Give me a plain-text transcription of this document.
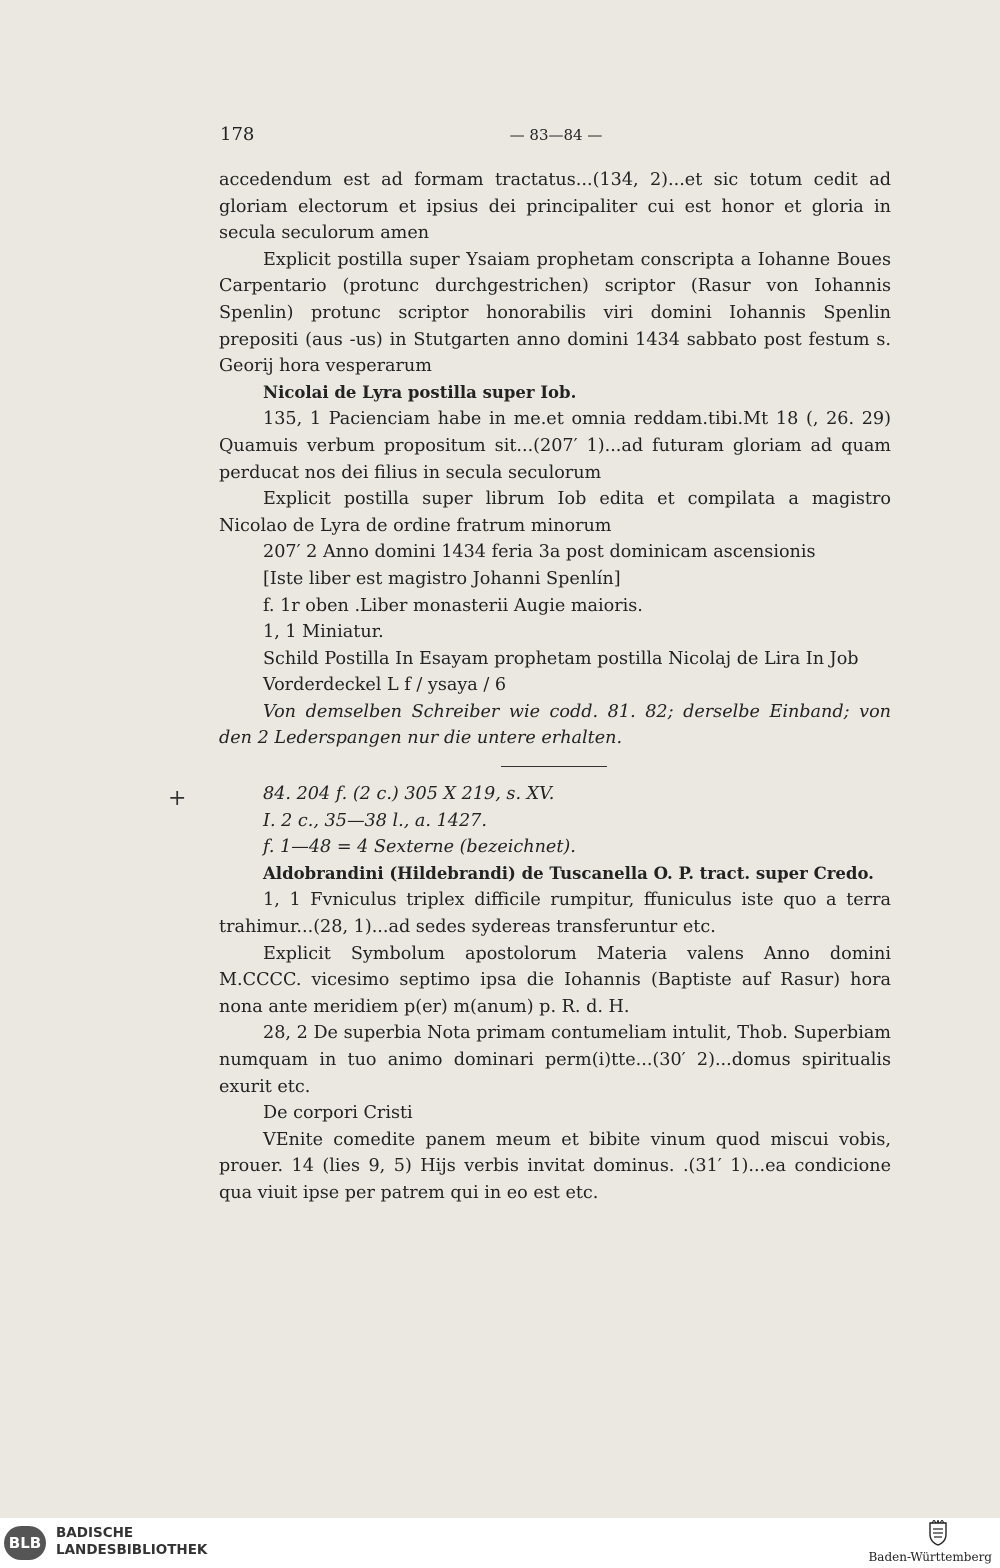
178	— 83—84 —

accedendum est ad formam tractatus...(134, 2)...et sic totum cedit ad gloriam electorum et ipsius dei principaliter cui est honor et gloria in secula seculorum amen

Explicit postilla super Ysaiam prophetam conscripta a Iohanne Boues Carpentario (protunc durchgestrichen) scriptor (Rasur von Iohannis Spenlin) protunc scriptor honorabilis viri domini Iohannis Spenlin prepositi (aus -us) in Stutgarten anno domini 1434 sabbato post festum s. Georij hora vesperarum

Nicolai de Lyra postilla super Iob.

135, 1 Pacienciam habe in me.et omnia reddam.tibi.Mt 18 (, 26. 29) Quamuis verbum propositum sit...(207′ 1)...ad futuram gloriam ad quam perducat nos dei filius in secula seculorum

Explicit postilla super librum Iob edita et compilata a magistro Nicolao de Lyra de ordine fratrum minorum

207′ 2 Anno domini 1434 feria 3a post dominicam ascensionis

[Iste liber est magistro Johanni Spenlín]

f. 1r oben .Liber monasterii Augie maioris.

1, 1 Miniatur.

Schild Postilla In Esayam prophetam postilla Nicolaj de Lira In Job

Vorderdeckel L f / ysaya / 6

Von demselben Schreiber wie codd. 81. 82; derselbe Einband; von den 2 Lederspangen nur die untere erhalten.

84. 204 f. (2 c.) 305 X 219, s. XV.

I. 2 c., 35—38 l., a. 1427.

f. 1—48 = 4 Sexterne (bezeichnet).

Aldobrandini (Hildebrandi) de Tuscanella O. P. tract. super Credo.

1, 1 Fvniculus triplex difficile rumpitur, ffuniculus iste quo a terra trahimur...(28, 1)...ad sedes sydereas transferuntur etc.

Explicit Symbolum apostolorum Materia valens Anno domini M.CCCC. vicesimo septimo ipsa die Iohannis (Baptiste auf Rasur) hora nona ante meridiem p(er) m(anum) p. R. d. H.

28, 2 De superbia Nota primam contumeliam intulit, Thob. Superbiam numquam in tuo animo dominari perm(i)tte...(30′ 2)...domus spiritualis exurit etc.

De corpori Cristi

VEnite comedite panem meum et bibite vinum quod miscui vobis, prouer. 14 (lies 9, 5) Hijs verbis invitat dominus. .(31′ 1)...ea condicione qua viuit ipse per patrem qui in eo est etc.

+
BLB
BADISCHE
LANDESBIBLIOTHEK	Baden-Württemberg
